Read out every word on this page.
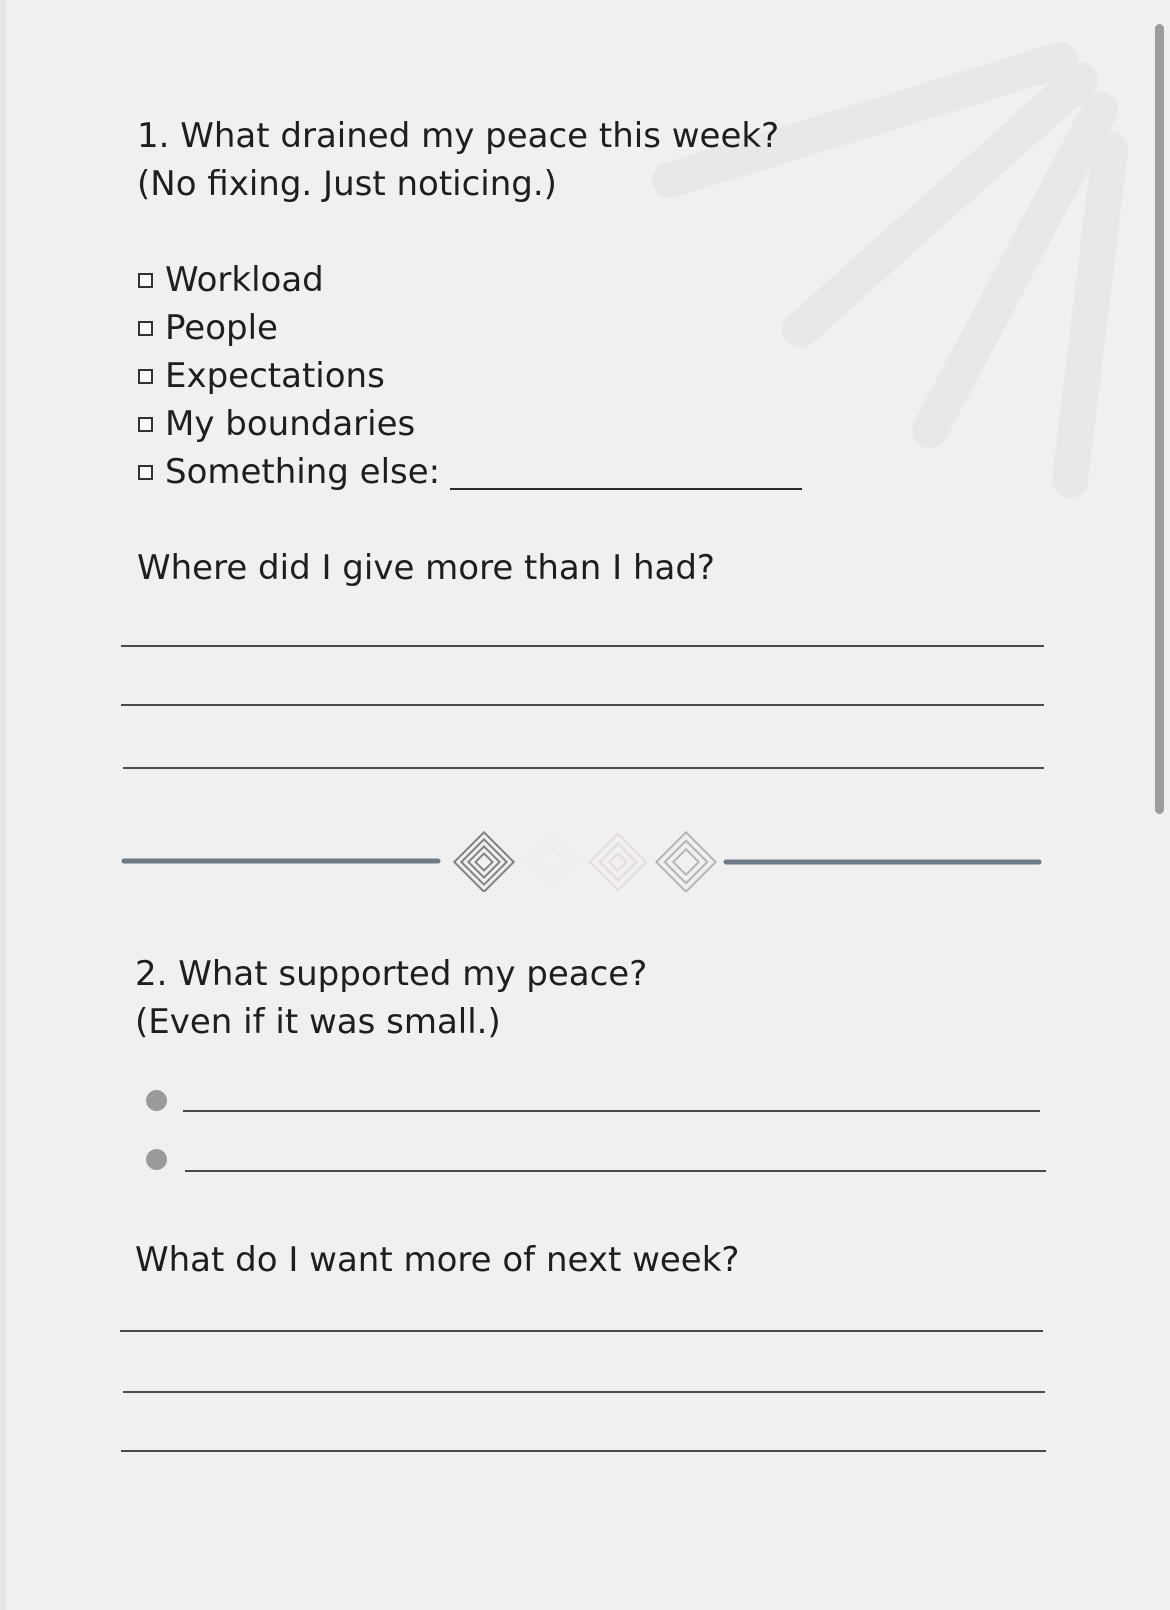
1. What drained my peace this week?
(No fixing. Just noticing.)
Workload
People
Expectations
My boundaries
Something else:

Where did I give more than I had?

2. What supported my peace?
(Even if it was small.)

What do I want more of next week?
